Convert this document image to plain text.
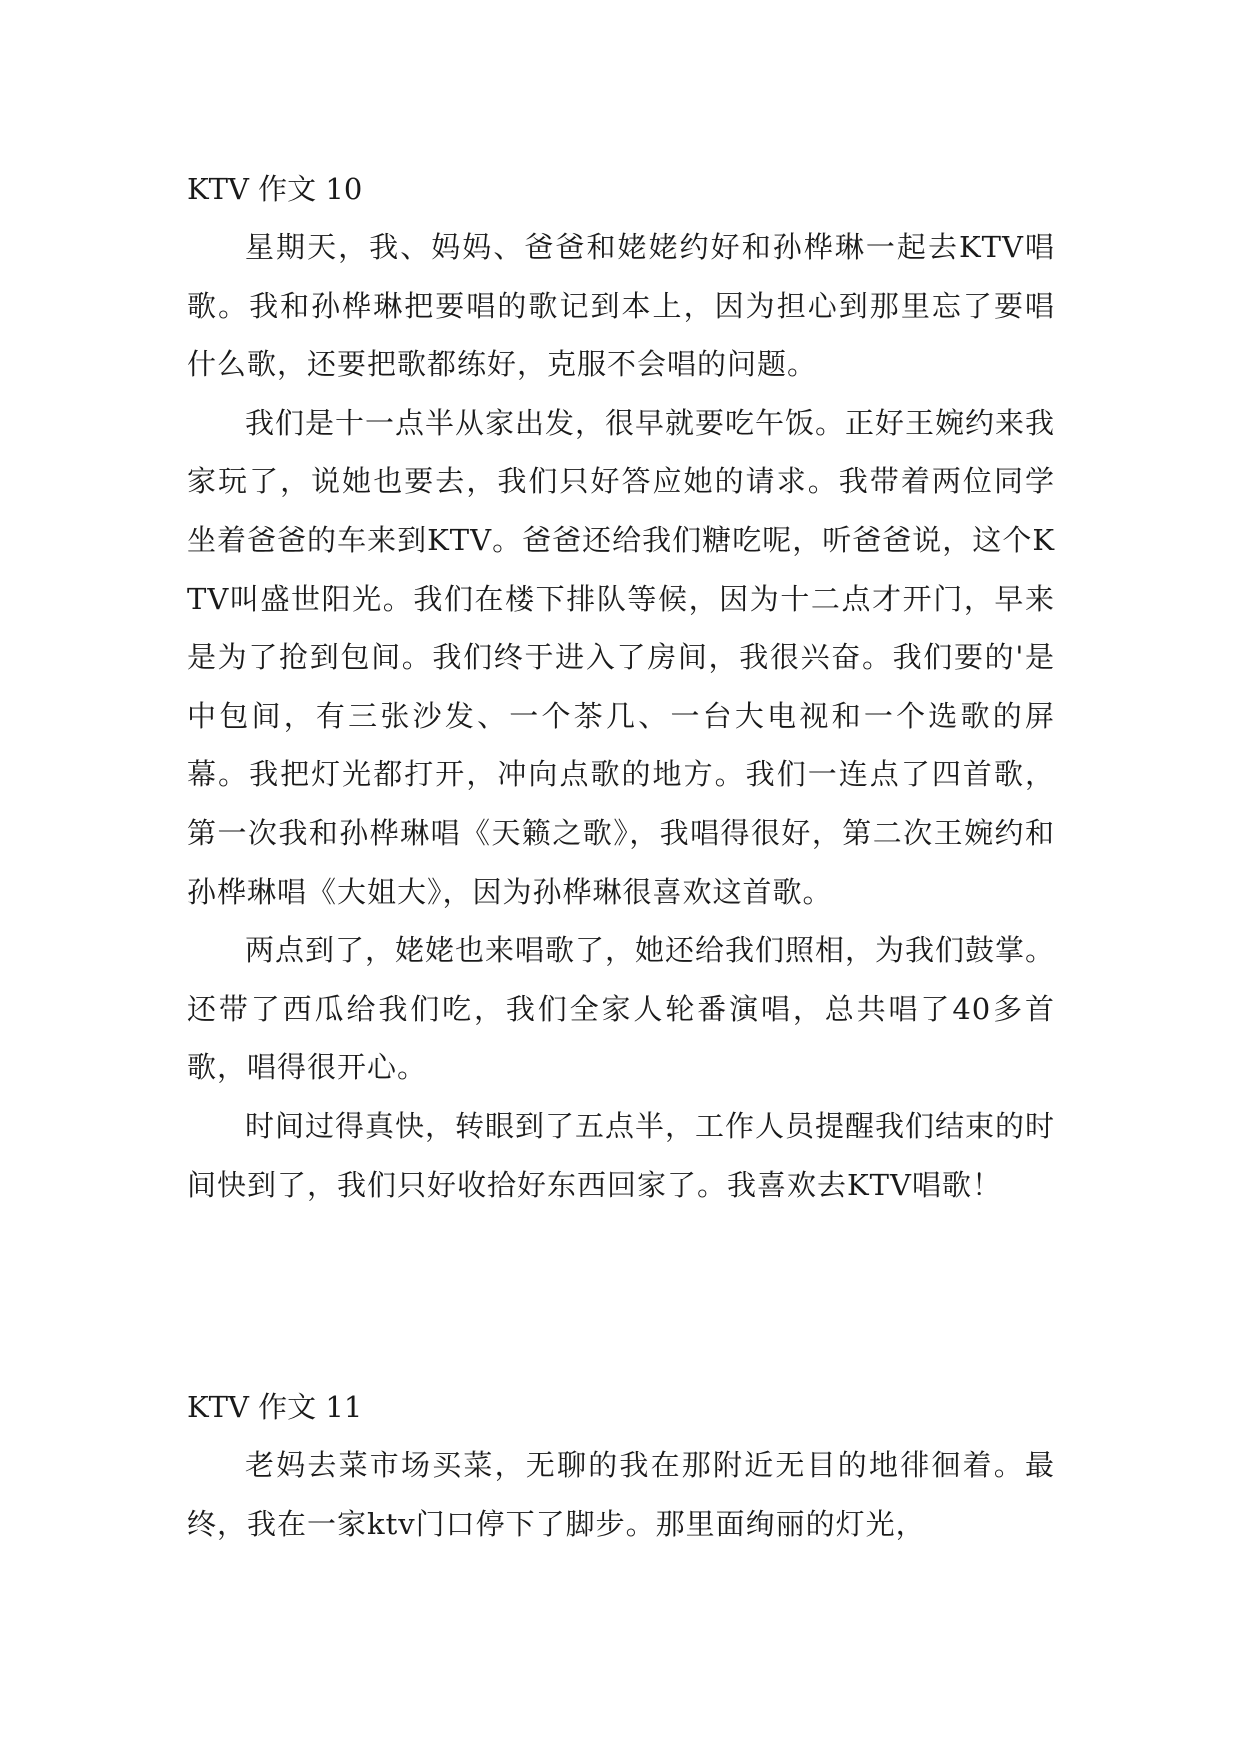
KTV 作文 10

星期天，我、妈妈、爸爸和姥姥约好和孙桦琳一起去KTV唱歌。我和孙桦琳把要唱的歌记到本上，因为担心到那里忘了要唱什么歌，还要把歌都练好，克服不会唱的问题。

我们是十一点半从家出发，很早就要吃午饭。正好王婉约来我家玩了，说她也要去，我们只好答应她的请求。我带着两位同学坐着爸爸的车来到KTV。爸爸还给我们糖吃呢，听爸爸说，这个KTV叫盛世阳光。我们在楼下排队等候，因为十二点才开门，早来是为了抢到包间。我们终于进入了房间，我很兴奋。我们要的'是中包间，有三张沙发、一个茶几、一台大电视和一个选歌的屏幕。我把灯光都打开，冲向点歌的地方。我们一连点了四首歌，第一次我和孙桦琳唱《天籁之歌》，我唱得很好，第二次王婉约和孙桦琳唱《大姐大》，因为孙桦琳很喜欢这首歌。

两点到了，姥姥也来唱歌了，她还给我们照相，为我们鼓掌。还带了西瓜给我们吃，我们全家人轮番演唱，总共唱了40多首歌，唱得很开心。

时间过得真快，转眼到了五点半，工作人员提醒我们结束的时间快到了，我们只好收拾好东西回家了。我喜欢去KTV唱歌！

KTV 作文 11

老妈去菜市场买菜，无聊的我在那附近无目的地徘徊着。最终，我在一家ktv门口停下了脚步。那里面绚丽的灯光，
